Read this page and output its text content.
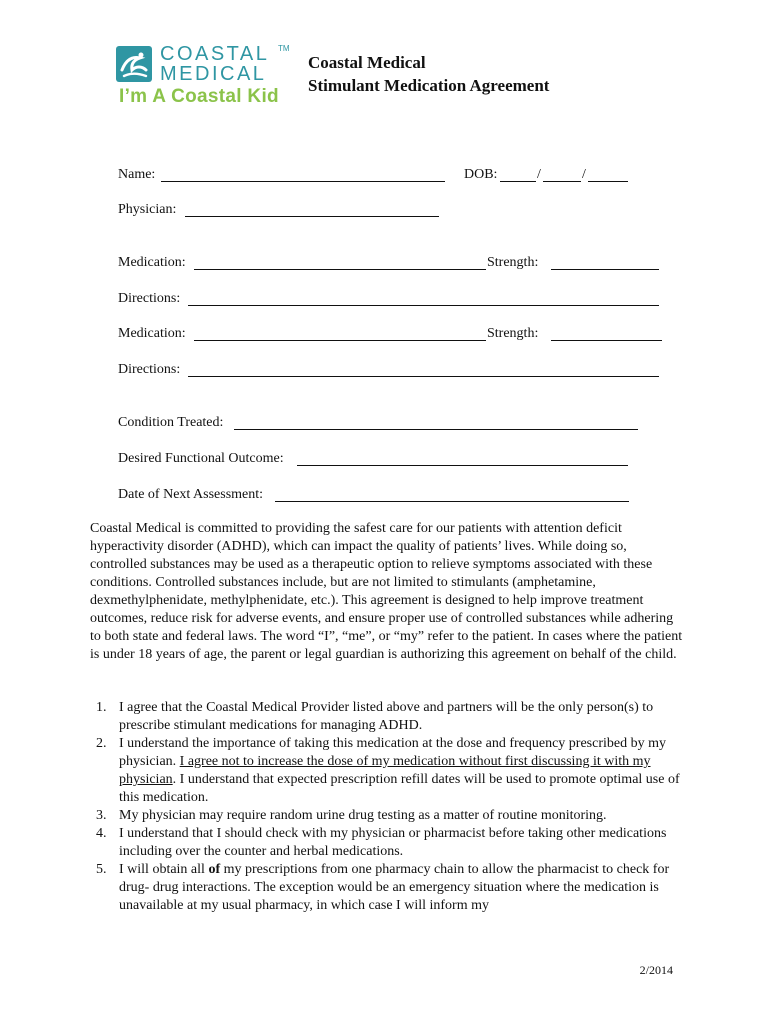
COASTAL TM
MEDICAL
I’m A Coastal Kid
Coastal Medical
Stimulant Medication Agreement
Name:	DOB:	/	/
Physician:
Medication:	Strength:
Directions:
Medication:	Strength:
Directions:
Condition Treated:
Desired Functional Outcome:
Date of Next Assessment:

Coastal Medical is committed to providing the safest care for our patients with attention deficit hyperactivity disorder (ADHD), which can impact the quality of patients’ lives. While doing so, controlled substances may be used as a therapeutic option to relieve symptoms associated with these conditions. Controlled substances include, but are not limited to stimulants (amphetamine, dexmethylphenidate, methylphenidate, etc.). This agreement is designed to help improve treatment outcomes, reduce risk for adverse events, and ensure proper use of controlled substances while adhering to both state and federal laws. The word “I”, “me”, or “my” refer to the patient. In cases where the patient is under 18 years of age, the parent or legal guardian is authorizing this agreement on behalf of the child.

1. I agree that the Coastal Medical Provider listed above and partners will be the only person(s) to prescribe stimulant medications for managing ADHD.
2. I understand the importance of taking this medication at the dose and frequency prescribed by my physician. I agree not to increase the dose of my medication without first discussing it with my physician. I understand that expected prescription refill dates will be used to promote optimal use of this medication.
3. My physician may require random urine drug testing as a matter of routine monitoring.
4. I understand that I should check with my physician or pharmacist before taking other medications including over the counter and herbal medications.
5. I will obtain all of my prescriptions from one pharmacy chain to allow the pharmacist to check for drug- drug interactions. The exception would be an emergency situation where the medication is unavailable at my usual pharmacy, in which case I will inform my
2/2014
